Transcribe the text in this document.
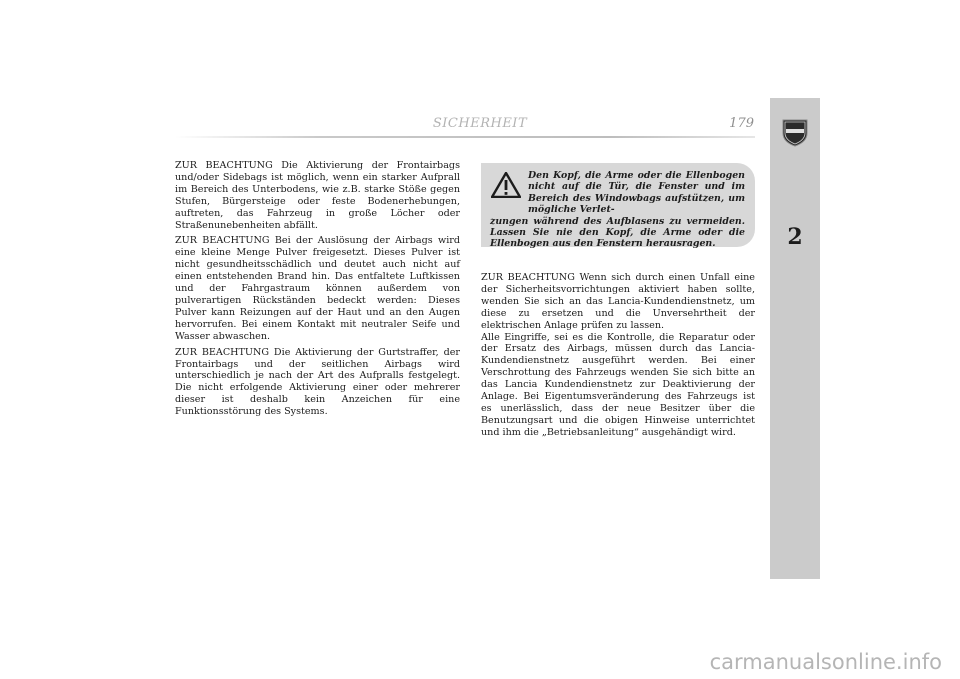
SICHERHEIT	179
2

ZUR BEACHTUNG Die Aktivierung der Frontairbags und/oder Sidebags ist möglich, wenn ein starker Aufprall im Bereich des Unterbodens, wie z.B. starke Stöße gegen Stufen, Bürgersteige oder feste Bodenerhebungen, auftreten, das Fahrzeug in große Löcher oder Straßenunebenheiten abfällt.

ZUR BEACHTUNG Bei der Auslösung der Airbags wird eine kleine Menge Pulver freigesetzt. Dieses Pulver ist nicht gesundheitsschädlich und deutet auch nicht auf einen entstehenden Brand hin. Das entfaltete Luftkissen und der Fahrgastraum können außerdem von pulverartigen Rückständen bedeckt werden: Dieses Pulver kann Reizungen auf der Haut und an den Augen hervorrufen. Bei einem Kontakt mit neutraler Seife und Wasser abwaschen.

ZUR BEACHTUNG Die Aktivierung der Gurtstraffer, der Frontairbags und der seitlichen Airbags wird unterschiedlich je nach der Art des Aufpralls festgelegt. Die nicht erfolgende Aktivierung einer oder mehrerer dieser ist deshalb kein Anzeichen für eine Funktionsstörung des Systems.

Den Kopf, die Arme oder die Ellenbogen nicht auf die Tür, die Fenster und im Bereich des Windowbags aufstützen, um mögliche Verlet-
zungen während des Aufblasens zu vermeiden. Lassen Sie nie den Kopf, die Arme oder die Ellenbogen aus den Fenstern herausragen.

ZUR BEACHTUNG Wenn sich durch einen Unfall eine der Sicherheitsvorrichtungen aktiviert haben sollte, wenden Sie sich an das Lancia-Kundendienstnetz, um diese zu ersetzen und die Unversehrtheit der elektrischen Anlage prüfen zu lassen.

Alle Eingriffe, sei es die Kontrolle, die Reparatur oder der Ersatz des Airbags, müssen durch das Lancia-Kundendienstnetz ausgeführt werden. Bei einer Verschrottung des Fahrzeugs wenden Sie sich bitte an das Lancia Kundendienstnetz zur Deaktivierung der Anlage. Bei Eigentumsveränderung des Fahrzeugs ist es unerlässlich, dass der neue Besitzer über die Benutzungsart und die obigen Hinweise unterrichtet und ihm die „Betriebsanleitung“ ausgehändigt wird.

carmanualsonline.info
